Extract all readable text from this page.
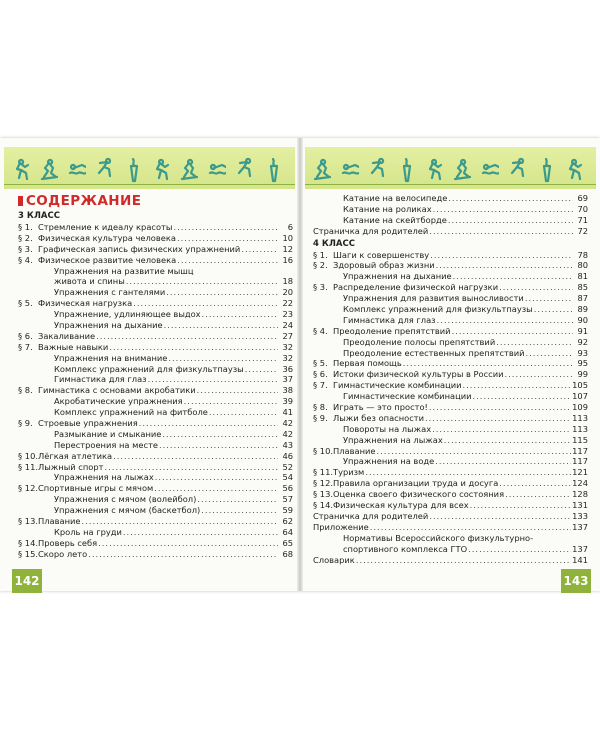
СОДЕРЖАНИЕ
3 КЛАСС
§ 1. Стремление к идеалу красоты .....	6
§ 2. Физическая культура человека .....	10
§ 3. Графическая запись физических упражнений .....	12
§ 4. Физическое развитие человека .....	16
Упражнения на развитие мышц
живота и спины .....	18
Упражнения с гантелями .....	20
§ 5. Физическая нагрузка .....	22
Упражнение, удлиняющее выдох .....	23
Упражнения на дыхание .....	24
§ 6. Закаливание .....	27
§ 7. Важные навыки .....	32
Упражнения на внимание .....	32
Комплекс упражнений для физкультпаузы .....	36
Гимнастика для глаз .....	37
§ 8. Гимнастика с основами акробатики .....	38
Акробатические упражнения .....	39
Комплекс упражнений на фитболе .....	41
§ 9. Строевые упражнения .....	42
Размыкание и смыкание .....	42
Перестроения на месте .....	43
§ 10. Лёгкая атлетика .....	46
§ 11. Лыжный спорт .....	52
Упражнения на лыжах .....	54
§ 12. Спортивные игры с мячом .....	56
Упражнения с мячом (волейбол) .....	57
Упражнения с мячом (баскетбол) .....	59
§ 13. Плавание .....	62
Кроль на груди .....	64
§ 14. Проверь себя .....	65
§ 15. Скоро лето .....	68
Катание на велосипеде .....	69
Катание на роликах .....	70
Катание на скейтборде .....	71
Страничка для родителей .....	72
4 КЛАСС
§ 1. Шаги к совершенству .....	78
§ 2. Здоровый образ жизни .....	80
Упражнения на дыхание .....	81
§ 3. Распределение физической нагрузки .....	85
Упражнения для развития выносливости .....	87
Комплекс упражнений для физкультпаузы .....	89
Гимнастика для глаз .....	90
§ 4. Преодоление препятствий .....	91
Преодоление полосы препятствий .....	92
Преодоление естественных препятствий .....	93
§ 5. Первая помощь .....	95
§ 6. Истоки физической культуры в России .....	99
§ 7. Гимнастические комбинации .....	105
Гимнастические комбинации .....	107
§ 8. Играть — это просто! .....	109
§ 9. Лыжи без опасности .....	113
Повороты на лыжах .....	113
Упражнения на лыжах .....	115
§ 10. Плавание .....	117
Упражнения на воде .....	117
§ 11. Туризм .....	121
§ 12. Правила организации труда и досуга .....	124
§ 13. Оценка своего физического состояния .....	128
§ 14. Физическая культура для всех .....	131
Страничка для родителей .....	133
Приложение .....	137
Нормативы Всероссийского физкультурно-
спортивного комплекса ГТО .....	137
Словарик .....	141
142	143
